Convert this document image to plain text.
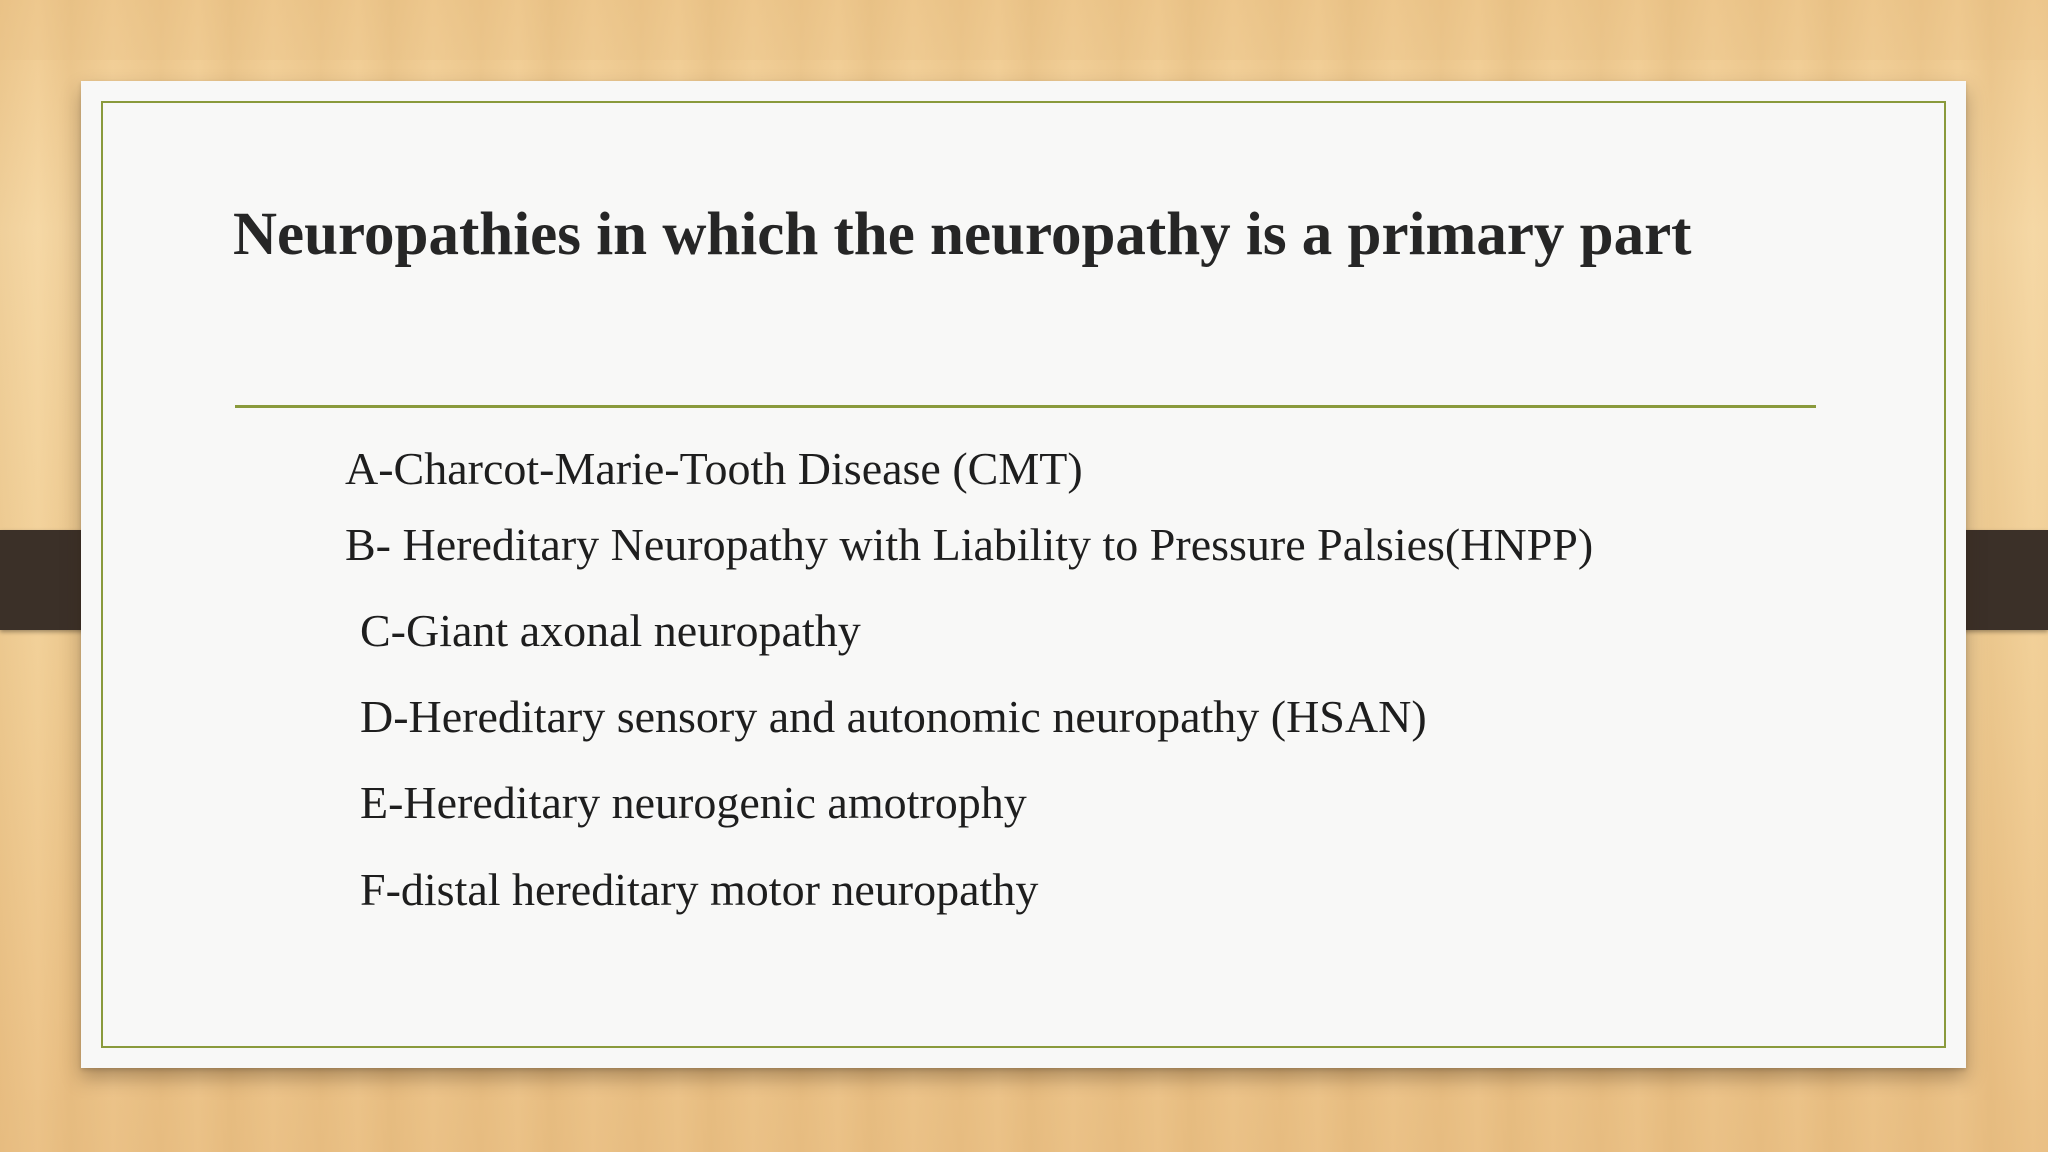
Neuropathies in which the neuropathy is a primary part
A-Charcot-Marie-Tooth Disease (CMT)
B- Hereditary Neuropathy with Liability to Pressure Palsies(HNPP)
C-Giant axonal neuropathy
D-Hereditary sensory and autonomic neuropathy (HSAN)
E-Hereditary neurogenic amotrophy
F-distal hereditary motor neuropathy
